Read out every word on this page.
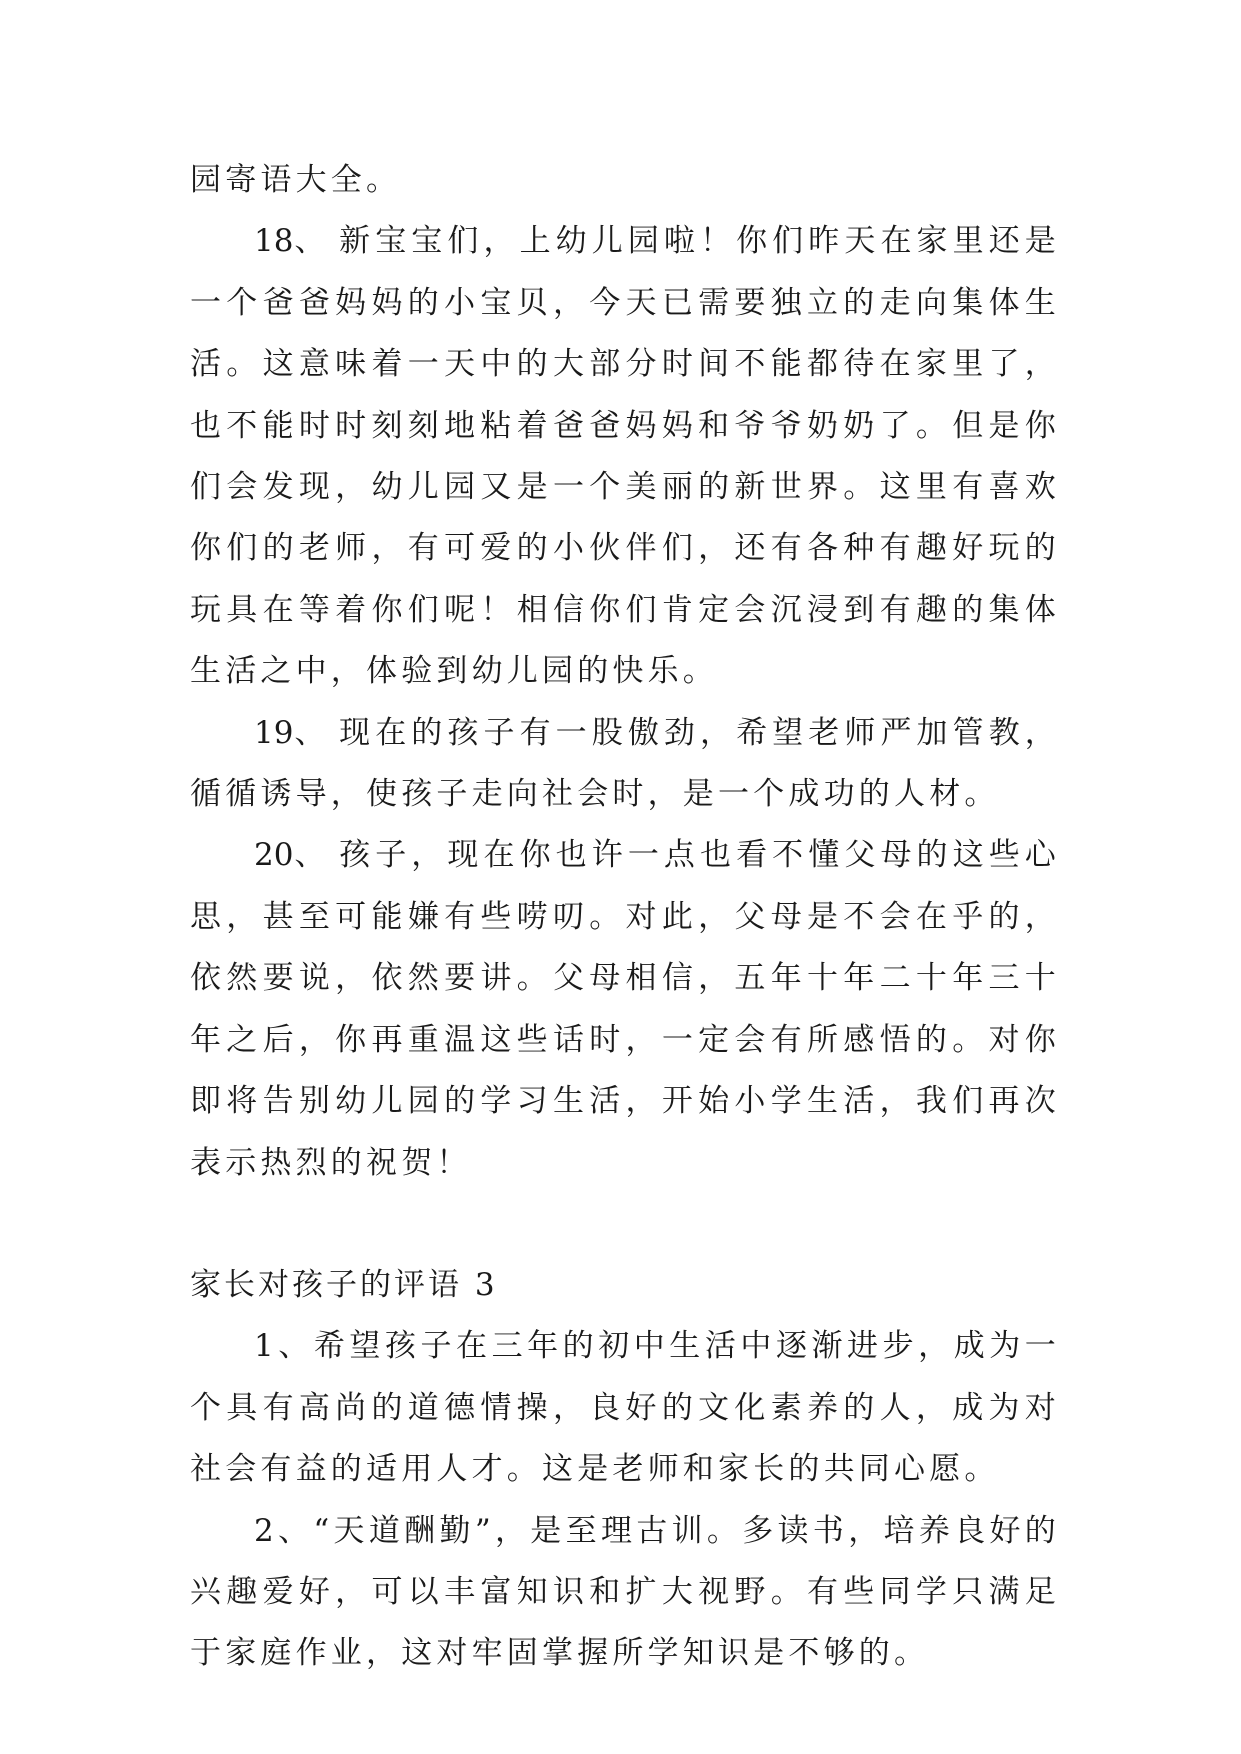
园寄语大全。

18、 新宝宝们，上幼儿园啦！你们昨天在家里还是一个爸爸妈妈的小宝贝，今天已需要独立的走向集体生活。这意味着一天中的大部分时间不能都待在家里了，也不能时时刻刻地粘着爸爸妈妈和爷爷奶奶了。但是你们会发现，幼儿园又是一个美丽的新世界。这里有喜欢你们的老师，有可爱的小伙伴们，还有各种有趣好玩的玩具在等着你们呢！相信你们肯定会沉浸到有趣的集体生活之中，体验到幼儿园的快乐。

19、 现在的孩子有一股傲劲，希望老师严加管教，循循诱导，使孩子走向社会时，是一个成功的人材。

20、 孩子，现在你也许一点也看不懂父母的这些心思，甚至可能嫌有些唠叨。对此，父母是不会在乎的，依然要说，依然要讲。父母相信，五年十年二十年三十年之后，你再重温这些话时，一定会有所感悟的。对你即将告别幼儿园的学习生活，开始小学生活，我们再次表示热烈的祝贺！

家长对孩子的评语 3

1、希望孩子在三年的初中生活中逐渐进步，成为一个具有高尚的道德情操，良好的文化素养的人，成为对社会有益的适用人才。这是老师和家长的共同心愿。

2、“天道酬勤”，是至理古训。多读书，培养良好的兴趣爱好，可以丰富知识和扩大视野。有些同学只满足于家庭作业，这对牢固掌握所学知识是不够的。
